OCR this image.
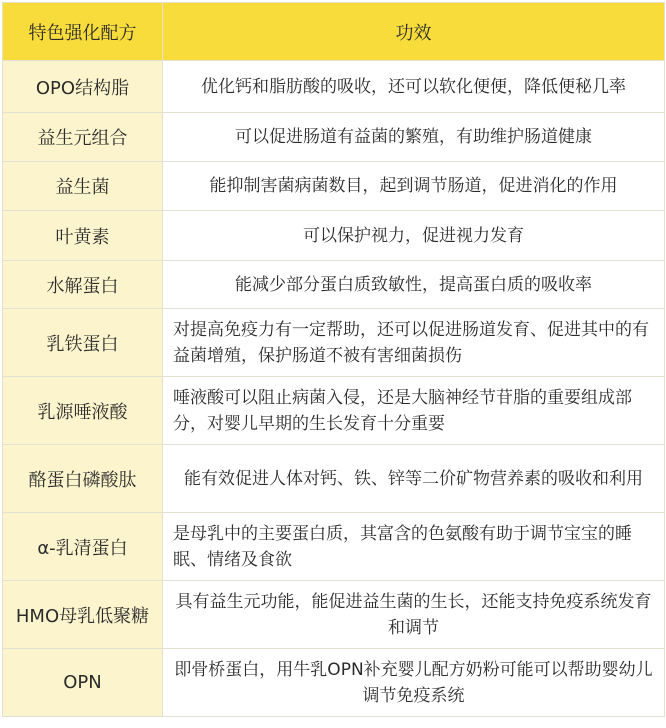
特色强化配方	功效
OPO结构脂	优化钙和脂肪酸的吸收，还可以软化便便，降低便秘几率
益生元组合	可以促进肠道有益菌的繁殖，有助维护肠道健康
益生菌	能抑制害菌病菌数目，起到调节肠道，促进消化的作用
叶黄素	可以保护视力，促进视力发育
水解蛋白	能减少部分蛋白质致敏性，提高蛋白质的吸收率
乳铁蛋白	对提高免疫力有一定帮助，还可以促进肠道发育、促进其中的有益菌增殖，保护肠道不被有害细菌损伤
乳源唾液酸	唾液酸可以阻止病菌入侵，还是大脑神经节苷脂的重要组成部分，对婴儿早期的生长发育十分重要
酪蛋白磷酸肽	能有效促进人体对钙、铁、锌等二价矿物营养素的吸收和利用
α-乳清蛋白	是母乳中的主要蛋白质，其富含的色氨酸有助于调节宝宝的睡眠、情绪及食欲
HMO母乳低聚糖	具有益生元功能，能促进益生菌的生长，还能支持免疫系统发育和调节
OPN	即骨桥蛋白，用牛乳OPN补充婴儿配方奶粉可能可以帮助婴幼儿调节免疫系统
